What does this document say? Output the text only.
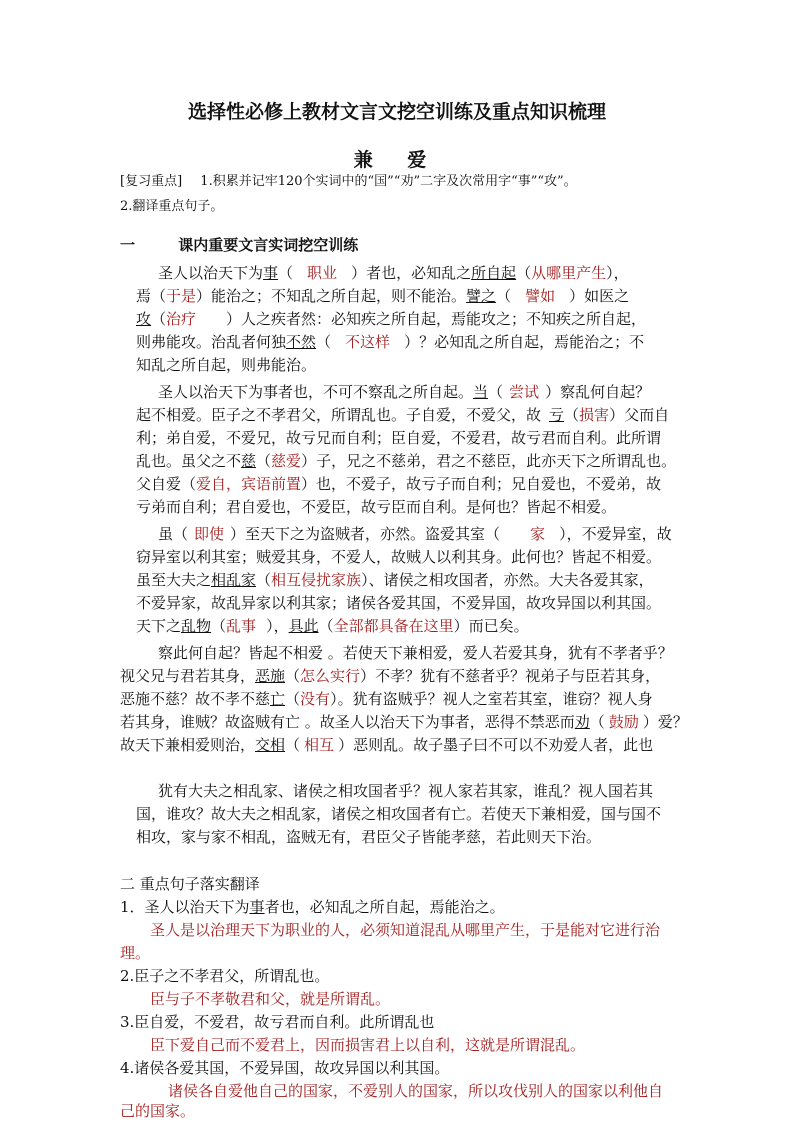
选择性必修上教材文言文挖空训练及重点知识梳理
兼 爱
[复习重点] 1.积累并记牢120个实词中的“国”“劝”二字及次常用字“事”“攻”。
2.翻译重点句子。
一	课内重要文言实词挖空训练
圣人以治天下为事（ 职业 ）者也，必知乱之所自起（从哪里产生），
焉（于是）能治之；不知乱之所自起，则不能治。譬之（ 譬如 ）如医之
攻（治疗 ）人之疾者然：必知疾之所自起，焉能攻之；不知疾之所自起，
则弗能攻。治乱者何独不然（ 不这样 ）？必知乱之所自起，焉能治之；不
知乱之所自起，则弗能治。
圣人以治天下为事者也，不可不察乱之所自起。当（ 尝试 ）察乱何自起？
起不相爱。臣子之不孝君父，所谓乱也。子自爱，不爱父，故 亏（损害）父而自
利；弟自爱，不爱兄，故亏兄而自利；臣自爱，不爱君，故亏君而自利。此所谓
乱也。虽父之不慈（慈爱）子，兄之不慈弟，君之不慈臣，此亦天下之所谓乱也。
父自爱（爱自，宾语前置）也，不爱子，故亏子而自利；兄自爱也，不爱弟，故
亏弟而自利；君自爱也，不爱臣，故亏臣而自利。是何也？皆起不相爱。
虽（ 即使 ）至天下之为盗贼者，亦然。盗爱其室（ 家 ），不爱异室，故
窃异室以利其室；贼爱其身，不爱人，故贼人以利其身。此何也？皆起不相爱。
虽至大夫之相乱家（相互侵扰家族）、诸侯之相攻国者，亦然。大夫各爱其家，
不爱异家，故乱异家以利其家；诸侯各爱其国，不爱异国，故攻异国以利其国。
天下之乱物（乱事 ），具此（全部都具备在这里）而已矣。
察此何自起？皆起不相爱 。若使天下兼相爱，爱人若爱其身，犹有不孝者乎？
视父兄与君若其身，恶施（怎么实行）不孝？犹有不慈者乎？视弟子与臣若其身，
恶施不慈？故不孝不慈亡（没有）。犹有盗贼乎？视人之室若其室，谁窃？视人身
若其身，谁贼？故盗贼有亡 。故圣人以治天下为事者，恶得不禁恶而劝（ 鼓励 ）爱？
故天下兼相爱则治，交相（ 相互 ）恶则乱。故子墨子曰不可以不劝爱人者，此也
犹有大夫之相乱家、诸侯之相攻国者乎？视人家若其家，谁乱？视人国若其
国，谁攻？故大夫之相乱家，诸侯之相攻国者有亡。若使天下兼相爱，国与国不
相攻，家与家不相乱，盗贼无有，君臣父子皆能孝慈，若此则天下治。
二 重点句子落实翻译
1．圣人以治天下为事者也，必知乱之所自起，焉能治之。
圣人是以治理天下为职业的人，必须知道混乱从哪里产生，于是能对它进行治
理。
2.臣子之不孝君父，所谓乱也。
臣与子不孝敬君和父，就是所谓乱。
3.臣自爱，不爱君，故亏君而自利。此所谓乱也
臣下爱自己而不爱君上，因而损害君上以自利，这就是所谓混乱。
4.诸侯各爱其国，不爱异国，故攻异国以利其国。
诸侯各自爱他自己的国家，不爱别人的国家，所以攻伐别人的国家以利他自
己的国家。
